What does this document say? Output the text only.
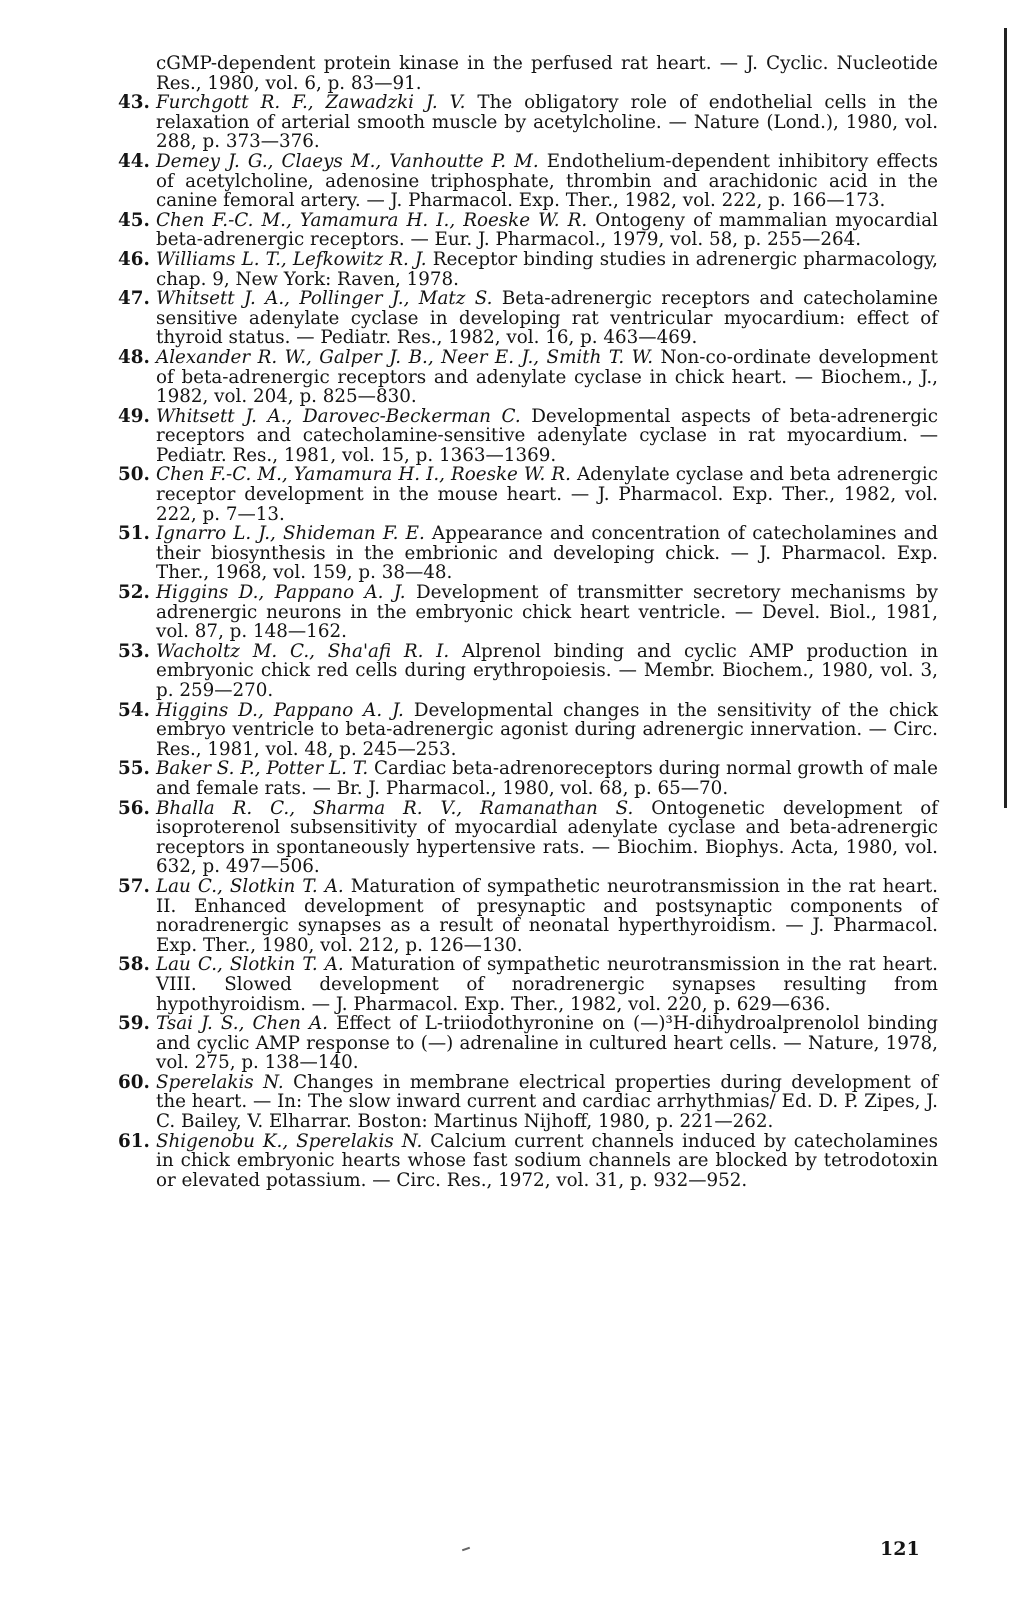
cGMP-dependent protein kinase in the perfused rat heart. — J. Cyclic. Nucleotide Res., 1980, vol. 6, p. 83—91.

43. Furchgott R. F., Zawadzki J. V. The obligatory role of endothelial cells in the relaxation of arterial smooth muscle by acetylcholine. — Nature (Lond.), 1980, vol. 288, p. 373—376.

44. Demey J. G., Claeys M., Vanhoutte P. M. Endothelium-dependent inhibitory effects of acetylcholine, adenosine triphosphate, thrombin and arachidonic acid in the canine femoral artery. — J. Pharmacol. Exp. Ther., 1982, vol. 222, p. 166—173.

45. Chen F.-C. M., Yamamura H. I., Roeske W. R. Ontogeny of mammalian myocardial beta-adrenergic receptors. — Eur. J. Pharmacol., 1979, vol. 58, p. 255—264.

46. Williams L. T., Lefkowitz R. J. Receptor binding studies in adrenergic pharmacology, chap. 9, New York: Raven, 1978.

47. Whitsett J. A., Pollinger J., Matz S. Beta-adrenergic receptors and catecholamine sensitive adenylate cyclase in developing rat ventricular myocardium: effect of thyroid status. — Pediatr. Res., 1982, vol. 16, p. 463—469.

48. Alexander R. W., Galper J. B., Neer E. J., Smith T. W. Non-co-ordinate development of beta-adrenergic receptors and adenylate cyclase in chick heart. — Biochem., J., 1982, vol. 204, p. 825—830.

49. Whitsett J. A., Darovec-Beckerman C. Developmental aspects of beta-adrenergic receptors and catecholamine-sensitive adenylate cyclase in rat myocardium. — Pediatr. Res., 1981, vol. 15, p. 1363—1369.

50. Chen F.-C. M., Yamamura H. I., Roeske W. R. Adenylate cyclase and beta adrenergic receptor development in the mouse heart. — J. Pharmacol. Exp. Ther., 1982, vol. 222, p. 7—13.

51. Ignarro L. J., Shideman F. E. Appearance and concentration of catecholamines and their biosynthesis in the embrionic and developing chick. — J. Pharmacol. Exp. Ther., 1968, vol. 159, p. 38—48.

52. Higgins D., Pappano A. J. Development of transmitter secretory mechanisms by adrenergic neurons in the embryonic chick heart ventricle. — Devel. Biol., 1981, vol. 87, p. 148—162.

53. Wacholtz M. C., Sha'afi R. I. Alprenol binding and cyclic AMP production in embryonic chick red cells during erythropoiesis. — Membr. Biochem., 1980, vol. 3, p. 259—270.

54. Higgins D., Pappano A. J. Developmental changes in the sensitivity of the chick embryo ventricle to beta-adrenergic agonist during adrenergic innervation. — Circ. Res., 1981, vol. 48, p. 245—253.

55. Baker S. P., Potter L. T. Cardiac beta-adrenoreceptors during normal growth of male and female rats. — Br. J. Pharmacol., 1980, vol. 68, p. 65—70.

56. Bhalla R. C., Sharma R. V., Ramanathan S. Ontogenetic development of isoproterenol subsensitivity of myocardial adenylate cyclase and beta-adrenergic receptors in spontaneously hypertensive rats. — Biochim. Biophys. Acta, 1980, vol. 632, p. 497—506.

57. Lau C., Slotkin T. A. Maturation of sympathetic neurotransmission in the rat heart. II. Enhanced development of presynaptic and postsynaptic components of noradrenergic synapses as a result of neonatal hyperthyroidism. — J. Pharmacol. Exp. Ther., 1980, vol. 212, p. 126—130.

58. Lau C., Slotkin T. A. Maturation of sympathetic neurotransmission in the rat heart. VIII. Slowed development of noradrenergic synapses resulting from hypothyroidism. — J. Pharmacol. Exp. Ther., 1982, vol. 220, p. 629—636.

59. Tsai J. S., Chen A. Effect of L-triiodothyronine on (—)³H-dihydroalprenolol binding and cyclic AMP response to (—) adrenaline in cultured heart cells. — Nature, 1978, vol. 275, p. 138—140.

60. Sperelakis N. Changes in membrane electrical properties during development of the heart. — In: The slow inward current and cardiac arrhythmias/ Ed. D. P. Zipes, J. C. Bailey, V. Elharrar. Boston: Martinus Nijhoff, 1980, p. 221—262.

61. Shigenobu K., Sperelakis N. Calcium current channels induced by catecholamines in chick embryonic hearts whose fast sodium channels are blocked by tetrodotoxin or elevated potassium. — Circ. Res., 1972, vol. 31, p. 932—952.

121
